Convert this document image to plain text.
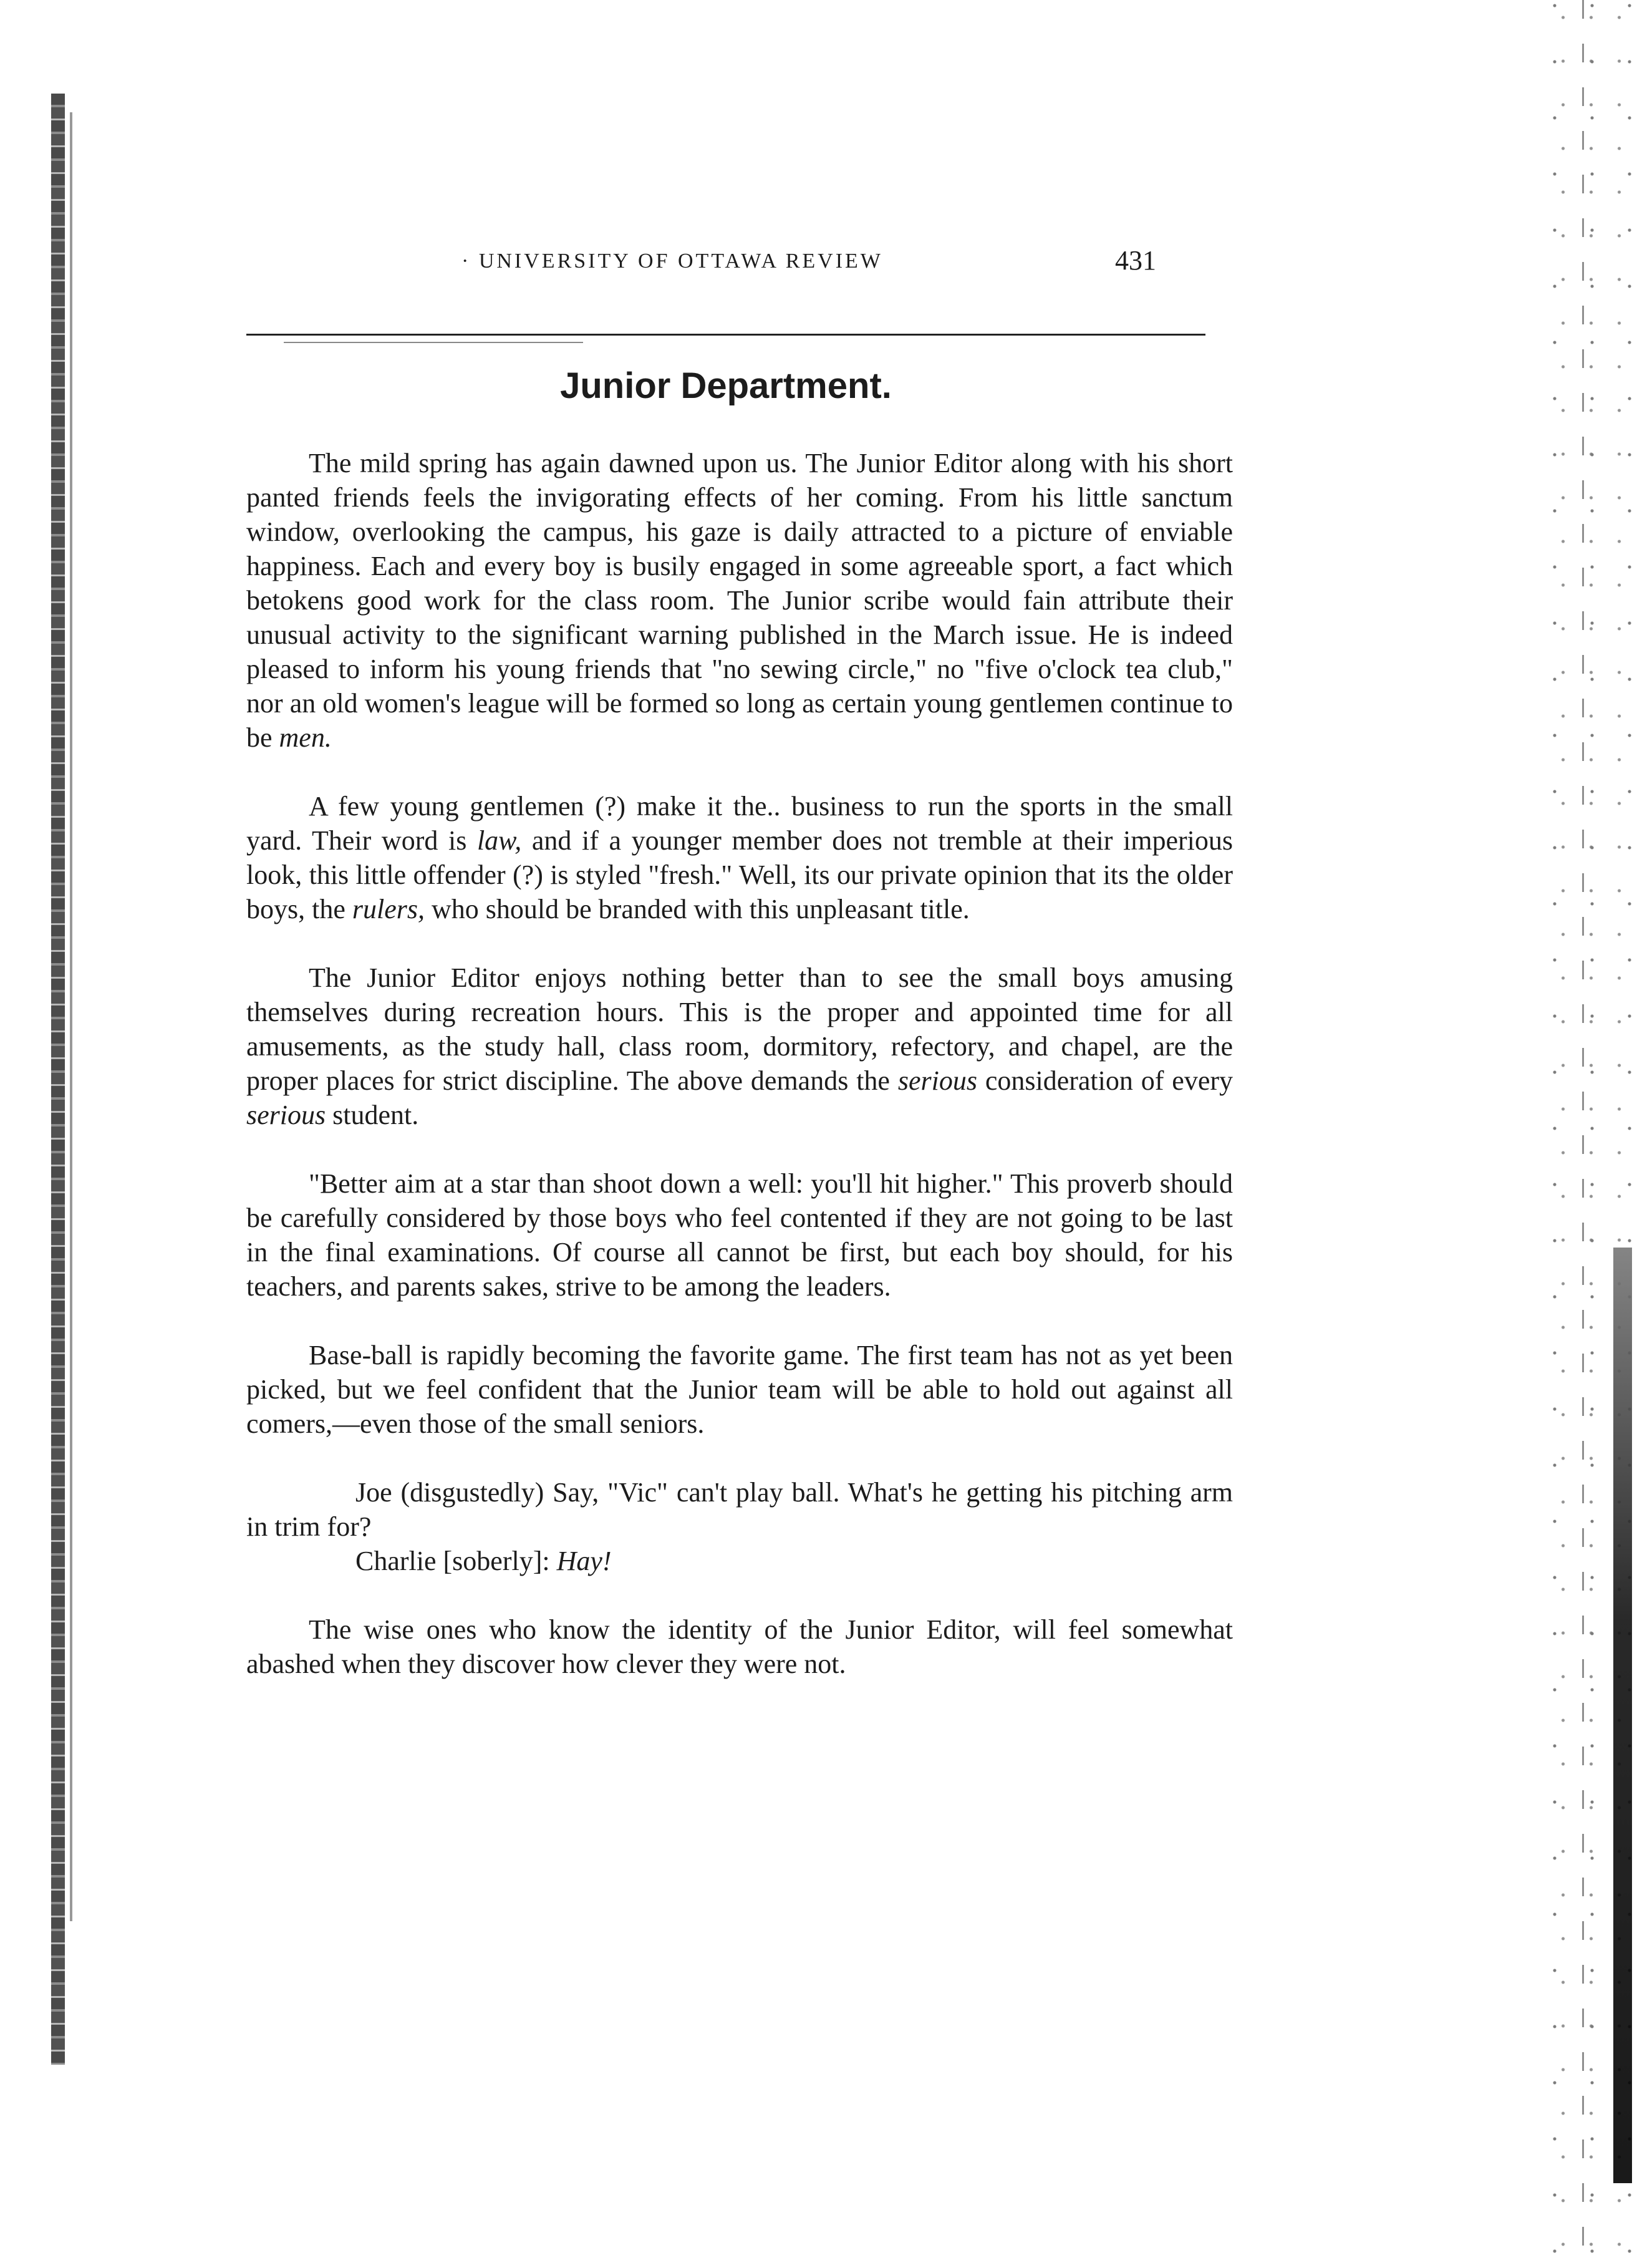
· UNIVERSITY OF OTTAWA REVIEW	431
Junior Department.

The mild spring has again dawned upon us. The Junior Editor along with his short panted friends feels the invigorating effects of her coming. From his little sanctum window, overlooking the campus, his gaze is daily attracted to a picture of enviable happiness. Each and every boy is busily engaged in some agreeable sport, a fact which betokens good work for the class room. The Junior scribe would fain attribute their unusual activity to the significant warning published in the March issue. He is indeed pleased to inform his young friends that "no sewing circle," no "five o'clock tea club," nor an old women's league will be formed so long as certain young gentlemen continue to be men.

A few young gentlemen (?) make it the.. business to run the sports in the small yard. Their word is law, and if a younger member does not tremble at their imperious look, this little offender (?) is styled "fresh." Well, its our private opinion that its the older boys, the rulers, who should be branded with this unpleasant title.

The Junior Editor enjoys nothing better than to see the small boys amusing themselves during recreation hours. This is the proper and appointed time for all amusements, as the study hall, class room, dormitory, refectory, and chapel, are the proper places for strict discipline. The above demands the serious consideration of every serious student.

"Better aim at a star than shoot down a well: you'll hit higher." This proverb should be carefully considered by those boys who feel contented if they are not going to be last in the final examinations. Of course all cannot be first, but each boy should, for his teachers, and parents sakes, strive to be among the leaders.

Base-ball is rapidly becoming the favorite game. The first team has not as yet been picked, but we feel confident that the Junior team will be able to hold out against all comers,—even those of the small seniors.

Joe (disgustedly) Say, "Vic" can't play ball. What's he getting his pitching arm in trim for?

Charlie [soberly]: Hay!

The wise ones who know the identity of the Junior Editor, will feel somewhat abashed when they discover how clever they were not.
